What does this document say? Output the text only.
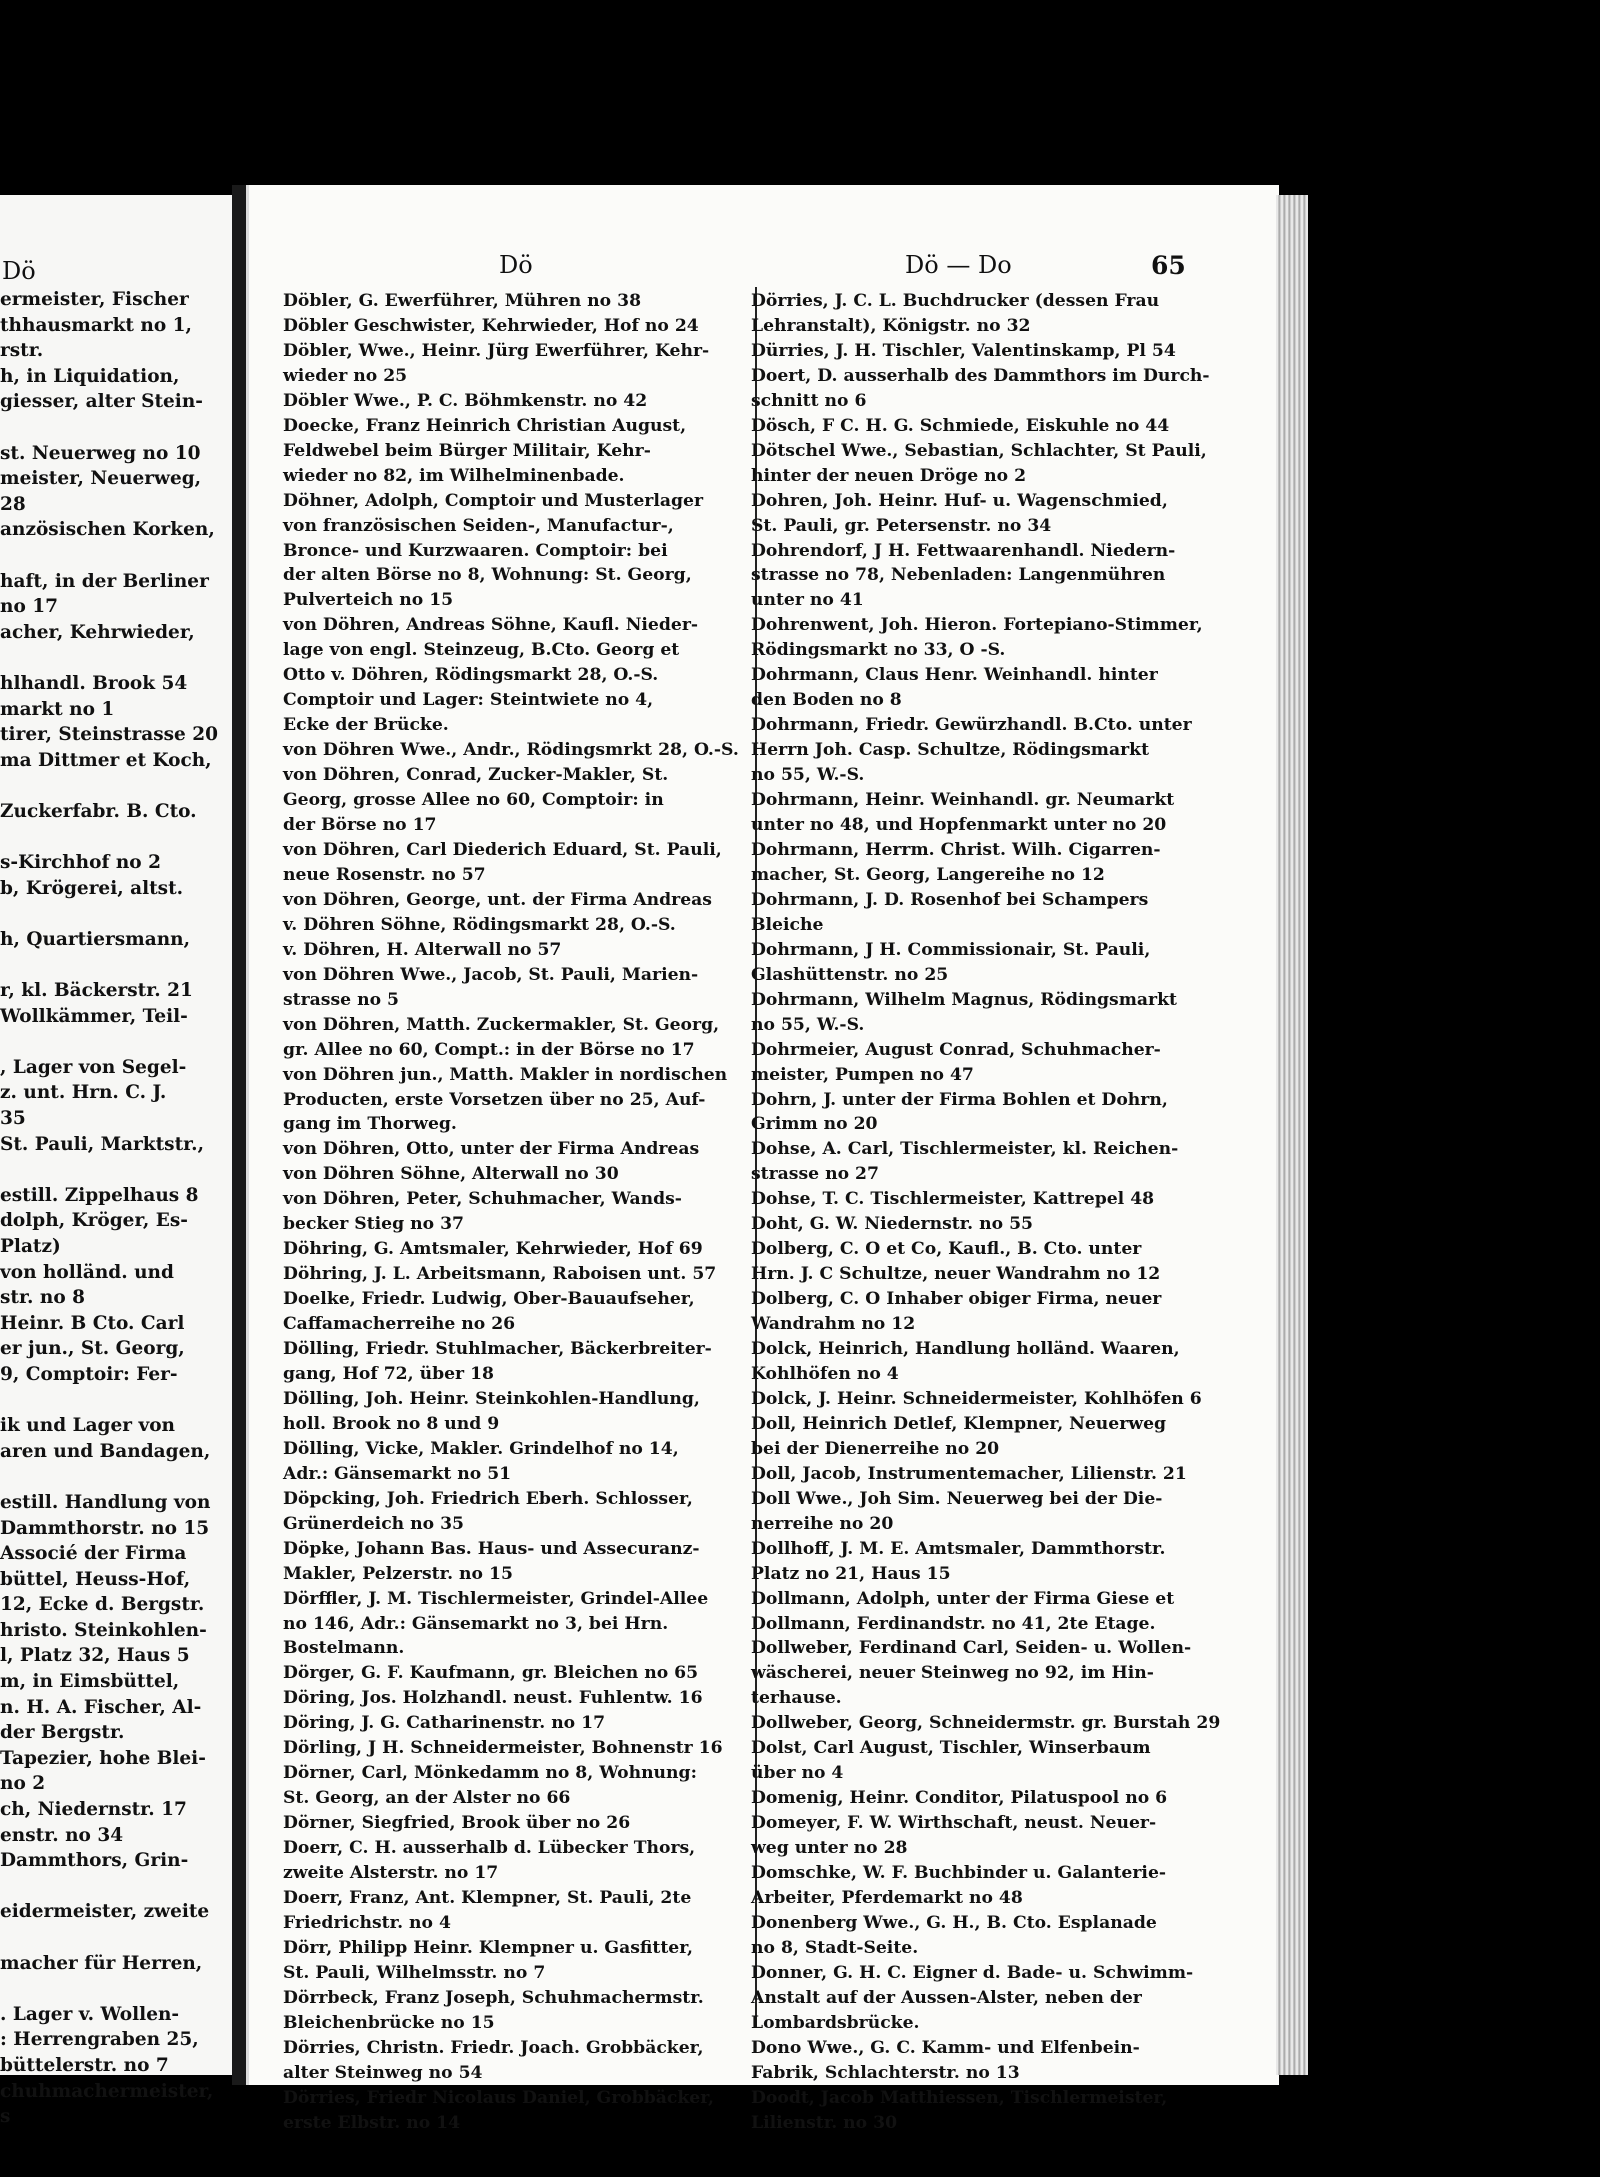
Dö
ermeister, Fischer
thhausmarkt no 1,
rstr.
h, in Liquidation,
giesser, alter Stein-

st. Neuerweg no 10
meister, Neuerweg,
28
anzösischen Korken,

haft, in der Berliner
no 17
acher, Kehrwieder,

hlhandl. Brook 54
markt no 1
tirer, Steinstrasse 20
ma Dittmer et Koch,

Zuckerfabr. B. Cto.

s-Kirchhof no 2
b, Krögerei, altst.

h, Quartiersmann,

r, kl. Bäckerstr. 21
Wollkämmer, Teil-

, Lager von Segel-
z. unt. Hrn. C. J.
35
St. Pauli, Marktstr.,

estill. Zippelhaus 8
dolph, Kröger, Es-
Platz)
von holländ. und
str. no 8
Heinr. B Cto. Carl
er jun., St. Georg,
9, Comptoir: Fer-

ik und Lager von
aren und Bandagen,

estill. Handlung von
Dammthorstr. no 15
Associé der Firma
büttel, Heuss-Hof,
12, Ecke d. Bergstr.
hristo. Steinkohlen-
l, Platz 32, Haus 5
m, in Eimsbüttel,
n. H. A. Fischer, Al-
der Bergstr.
Tapezier, hohe Blei-
no 2
ch, Niedernstr. 17
enstr. no 34
Dammthors, Grin-

eidermeister, zweite

macher für Herren,

. Lager v. Wollen-
: Herrengraben 25,
büttelerstr. no 7
chuhmachermeister,
s
Dö	Dö — Do	65
Döbler, G. Ewerführer, Mühren no 38
Döbler Geschwister, Kehrwieder, Hof no 24
Döbler, Wwe., Heinr. Jürg Ewerführer, Kehr-
wieder no 25
Döbler Wwe., P. C. Böhmkenstr. no 42
Doecke, Franz Heinrich Christian August,
Feldwebel beim Bürger Militair, Kehr-
wieder no 82, im Wilhelminenbade.
Döhner, Adolph, Comptoir und Musterlager
von französischen Seiden-, Manufactur-,
Bronce- und Kurzwaaren. Comptoir: bei
der alten Börse no 8, Wohnung: St. Georg,
Pulverteich no 15
von Döhren, Andreas Söhne, Kaufl. Nieder-
lage von engl. Steinzeug, B.Cto. Georg et
Otto v. Döhren, Rödingsmarkt 28, O.-S.
Comptoir und Lager: Steintwiete no 4,
Ecke der Brücke.
von Döhren Wwe., Andr., Rödingsmrkt 28, O.-S.
von Döhren, Conrad, Zucker-Makler, St.
Georg, grosse Allee no 60, Comptoir: in
der Börse no 17
von Döhren, Carl Diederich Eduard, St. Pauli,
neue Rosenstr. no 57
von Döhren, George, unt. der Firma Andreas
v. Döhren Söhne, Rödingsmarkt 28, O.-S.
v. Döhren, H. Alterwall no 57
von Döhren Wwe., Jacob, St. Pauli, Marien-
strasse no 5
von Döhren, Matth. Zuckermakler, St. Georg,
gr. Allee no 60, Compt.: in der Börse no 17
von Döhren jun., Matth. Makler in nordischen
Producten, erste Vorsetzen über no 25, Auf-
gang im Thorweg.
von Döhren, Otto, unter der Firma Andreas
von Döhren Söhne, Alterwall no 30
von Döhren, Peter, Schuhmacher, Wands-
becker Stieg no 37
Döhring, G. Amtsmaler, Kehrwieder, Hof 69
Döhring, J. L. Arbeitsmann, Raboisen unt. 57
Doelke, Friedr. Ludwig, Ober-Bauaufseher,
Caffamacherreihe no 26
Dölling, Friedr. Stuhlmacher, Bäckerbreiter-
gang, Hof 72, über 18
Dölling, Joh. Heinr. Steinkohlen-Handlung,
holl. Brook no 8 und 9
Dölling, Vicke, Makler. Grindelhof no 14,
Adr.: Gänsemarkt no 51
Döpcking, Joh. Friedrich Eberh. Schlosser,
Grünerdeich no 35
Döpke, Johann Bas. Haus- und Assecuranz-
Makler, Pelzerstr. no 15
Dörffler, J. M. Tischlermeister, Grindel-Allee
no 146, Adr.: Gänsemarkt no 3, bei Hrn.
Bostelmann.
Dörger, G. F. Kaufmann, gr. Bleichen no 65
Döring, Jos. Holzhandl. neust. Fuhlentw. 16
Döring, J. G. Catharinenstr. no 17
Dörling, J H. Schneidermeister, Bohnenstr 16
Dörner, Carl, Mönkedamm no 8, Wohnung:
St. Georg, an der Alster no 66
Dörner, Siegfried, Brook über no 26
Doerr, C. H. ausserhalb d. Lübecker Thors,
zweite Alsterstr. no 17
Doerr, Franz, Ant. Klempner, St. Pauli, 2te
Friedrichstr. no 4
Dörr, Philipp Heinr. Klempner u. Gasfitter,
St. Pauli, Wilhelmsstr. no 7
Dörrbeck, Franz Joseph, Schuhmachermstr.
Bleichenbrücke no 15
Dörries, Christn. Friedr. Joach. Grobbäcker,
alter Steinweg no 54
Dörries, Friedr Nicolaus Daniel, Grobbäcker,
erste Elbstr. no 14
Dörries, J. C. L. Buchdrucker (dessen Frau
Lehranstalt), Königstr. no 32
Dürries, J. H. Tischler, Valentinskamp, Pl 54
Doert, D. ausserhalb des Dammthors im Durch-
schnitt no 6
Dösch, F C. H. G. Schmiede, Eiskuhle no 44
Dötschel Wwe., Sebastian, Schlachter, St Pauli,
hinter der neuen Dröge no 2
Dohren, Joh. Heinr. Huf- u. Wagenschmied,
St. Pauli, gr. Petersenstr. no 34
Dohrendorf, J H. Fettwaarenhandl. Niedern-
strasse no 78, Nebenladen: Langenmühren
unter no 41
Dohrenwent, Joh. Hieron. Fortepiano-Stimmer,
Rödingsmarkt no 33, O -S.
Dohrmann, Claus Henr. Weinhandl. hinter
den Boden no 8
Dohrmann, Friedr. Gewürzhandl. B.Cto. unter
Herrn Joh. Casp. Schultze, Rödingsmarkt
no 55, W.-S.
Dohrmann, Heinr. Weinhandl. gr. Neumarkt
unter no 48, und Hopfenmarkt unter no 20
Dohrmann, Herrm. Christ. Wilh. Cigarren-
macher, St. Georg, Langereihe no 12
Dohrmann, J. D. Rosenhof bei Schampers
Bleiche
Dohrmann, J H. Commissionair, St. Pauli,
Glashüttenstr. no 25
Dohrmann, Wilhelm Magnus, Rödingsmarkt
no 55, W.-S.
Dohrmeier, August Conrad, Schuhmacher-
meister, Pumpen no 47
Dohrn, J. unter der Firma Bohlen et Dohrn,
Grimm no 20
Dohse, A. Carl, Tischlermeister, kl. Reichen-
strasse no 27
Dohse, T. C. Tischlermeister, Kattrepel 48
Doht, G. W. Niedernstr. no 55
Dolberg, C. O et Co, Kaufl., B. Cto. unter
Hrn. J. C Schultze, neuer Wandrahm no 12
Dolberg, C. O Inhaber obiger Firma, neuer
Wandrahm no 12
Dolck, Heinrich, Handlung holländ. Waaren,
Kohlhöfen no 4
Dolck, J. Heinr. Schneidermeister, Kohlhöfen 6
Doll, Heinrich Detlef, Klempner, Neuerweg
bei der Dienerreihe no 20
Doll, Jacob, Instrumentemacher, Lilienstr. 21
Doll Wwe., Joh Sim. Neuerweg bei der Die-
nerreihe no 20
Dollhoff, J. M. E. Amtsmaler, Dammthorstr.
Platz no 21, Haus 15
Dollmann, Adolph, unter der Firma Giese et
Dollmann, Ferdinandstr. no 41, 2te Etage.
Dollweber, Ferdinand Carl, Seiden- u. Wollen-
wäscherei, neuer Steinweg no 92, im Hin-
terhause.
Dollweber, Georg, Schneidermstr. gr. Burstah 29
Dolst, Carl August, Tischler, Winserbaum
über no 4
Domenig, Heinr. Conditor, Pilatuspool no 6
Domeyer, F. W. Wirthschaft, neust. Neuer-
weg unter no 28
Domschke, W. F. Buchbinder u. Galanterie-
Arbeiter, Pferdemarkt no 48
Donenberg Wwe., G. H., B. Cto. Esplanade
no 8, Stadt-Seite.
Donner, G. H. C. Eigner d. Bade- u. Schwimm-
Anstalt auf der Aussen-Alster, neben der
Lombardsbrücke.
Dono Wwe., G. C. Kamm- und Elfenbein-
Fabrik, Schlachterstr. no 13
Doodt, Jacob Matthiessen, Tischlermeister,
Lilienstr. no 30
